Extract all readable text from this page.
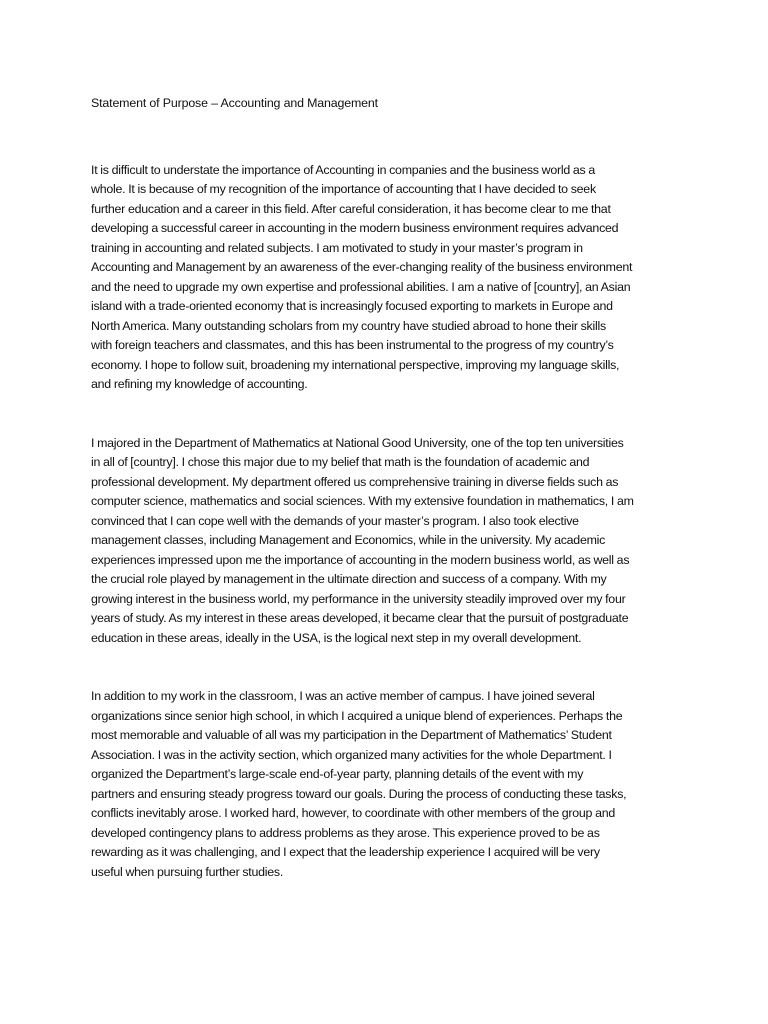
Statement of Purpose – Accounting and Management

It is difficult to understate the importance of Accounting in companies and the business world as a
whole. It is because of my recognition of the importance of accounting that I have decided to seek
further education and a career in this field. After careful consideration, it has become clear to me that
developing a successful career in accounting in the modern business environment requires advanced
training in accounting and related subjects. I am motivated to study in your master’s program in
Accounting and Management by an awareness of the ever-changing reality of the business environment
and the need to upgrade my own expertise and professional abilities. I am a native of [country], an Asian
island with a trade-oriented economy that is increasingly focused exporting to markets in Europe and
North America. Many outstanding scholars from my country have studied abroad to hone their skills
with foreign teachers and classmates, and this has been instrumental to the progress of my country’s
economy. I hope to follow suit, broadening my international perspective, improving my language skills,
and refining my knowledge of accounting.

I majored in the Department of Mathematics at National Good University, one of the top ten universities
in all of [country]. I chose this major due to my belief that math is the foundation of academic and
professional development. My department offered us comprehensive training in diverse fields such as
computer science, mathematics and social sciences. With my extensive foundation in mathematics, I am
convinced that I can cope well with the demands of your master’s program. I also took elective
management classes, including Management and Economics, while in the university. My academic
experiences impressed upon me the importance of accounting in the modern business world, as well as
the crucial role played by management in the ultimate direction and success of a company. With my
growing interest in the business world, my performance in the university steadily improved over my four
years of study. As my interest in these areas developed, it became clear that the pursuit of postgraduate
education in these areas, ideally in the USA, is the logical next step in my overall development.

In addition to my work in the classroom, I was an active member of campus. I have joined several
organizations since senior high school, in which I acquired a unique blend of experiences. Perhaps the
most memorable and valuable of all was my participation in the Department of Mathematics’ Student
Association. I was in the activity section, which organized many activities for the whole Department. I
organized the Department’s large-scale end-of-year party, planning details of the event with my
partners and ensuring steady progress toward our goals. During the process of conducting these tasks,
conflicts inevitably arose. I worked hard, however, to coordinate with other members of the group and
developed contingency plans to address problems as they arose. This experience proved to be as
rewarding as it was challenging, and I expect that the leadership experience I acquired will be very
useful when pursuing further studies.
